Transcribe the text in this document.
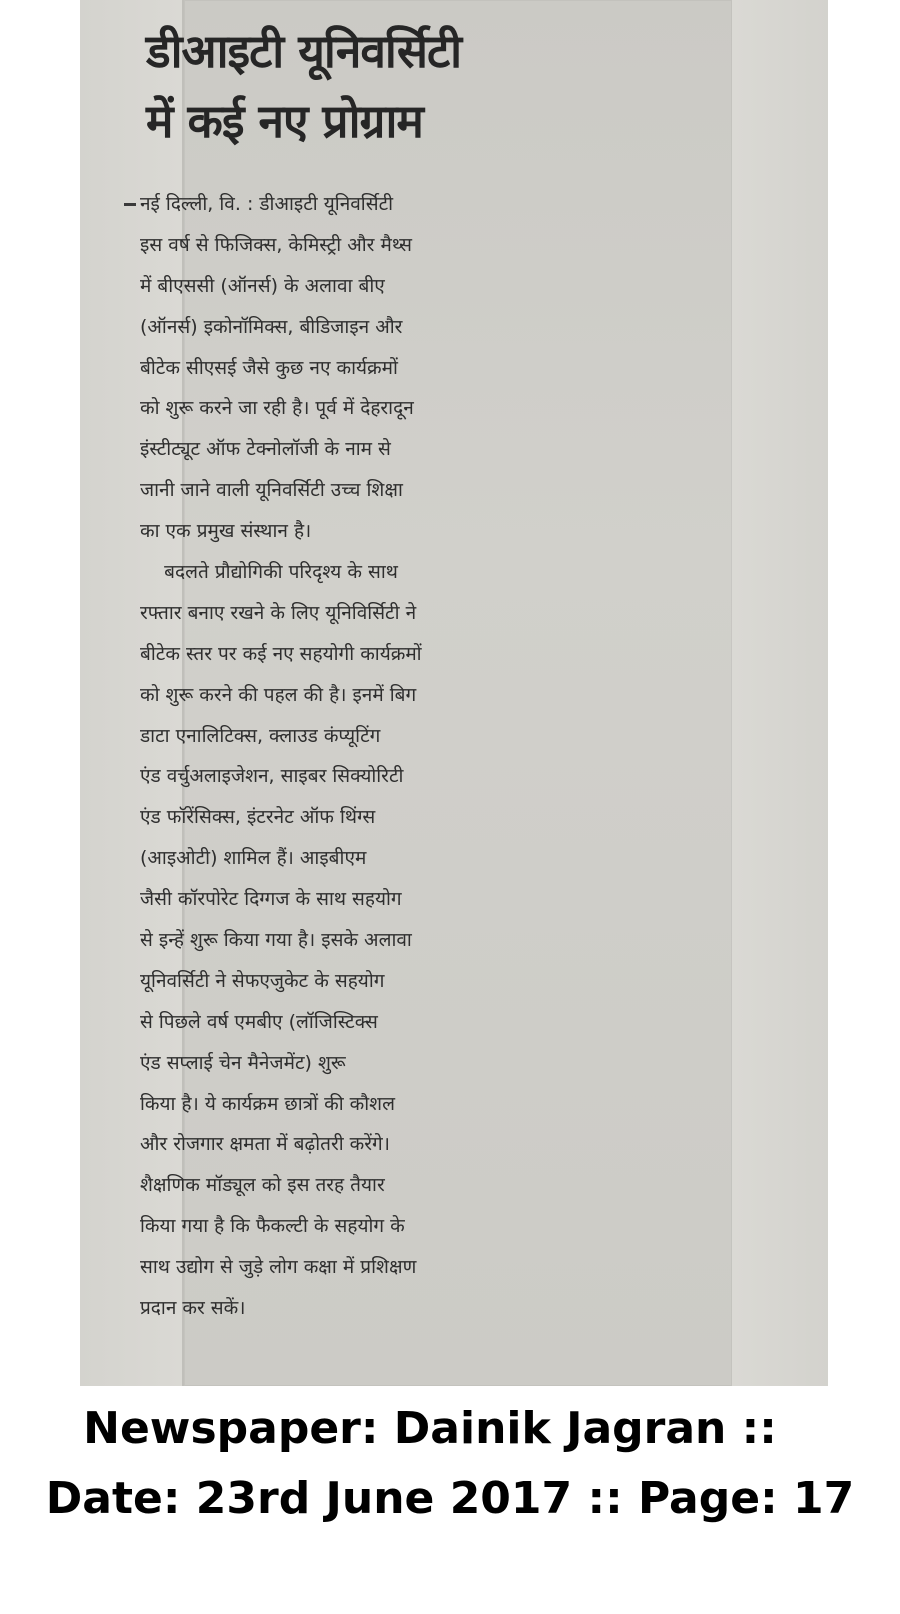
डीआइटी यूनिवर्सिटी
में कई नए प्रोग्राम
नई दिल्ली, वि. : डीआइटी यूनिवर्सिटी
इस वर्ष से फिजिक्स, केमिस्ट्री और मैथ्स
में बीएससी (ऑनर्स) के अलावा बीए
(ऑनर्स) इकोनॉमिक्स, बीडिजाइन और
बीटेक सीएसई जैसे कुछ नए कार्यक्रमों
को शुरू करने जा रही है। पूर्व में देहरादून
इंस्टीट्यूट ऑफ टेक्नोलॉजी के नाम से
जानी जाने वाली यूनिवर्सिटी उच्च शिक्षा
का एक प्रमुख संस्थान है।
बदलते प्रौद्योगिकी परिदृश्य के साथ
रफ्तार बनाए रखने के लिए यूनिविर्सिटी ने
बीटेक स्तर पर कई नए सहयोगी कार्यक्रमों
को शुरू करने की पहल की है। इनमें बिग
डाटा एनालिटिक्स, क्लाउड कंप्यूटिंग
एंड वर्चुअलाइजेशन, साइबर सिक्योरिटी
एंड फॉरेंसिक्स, इंटरनेट ऑफ थिंग्स
(आइओटी) शामिल हैं। आइबीएम
जैसी कॉरपोरेट दिग्गज के साथ सहयोग
से इन्हें शुरू किया गया है। इसके अलावा
यूनिवर्सिटी ने सेफएजुकेट के सहयोग
से पिछले वर्ष एमबीए (लॉजिस्टिक्स
एंड सप्लाई चेन मैनेजमेंट) शुरू
किया है। ये कार्यक्रम छात्रों की कौशल
और रोजगार क्षमता में बढ़ोतरी करेंगे।
शैक्षणिक मॉड्यूल को इस तरह तैयार
किया गया है कि फैकल्टी के सहयोग के
साथ उद्योग से जुड़े लोग कक्षा में प्रशिक्षण
प्रदान कर सकें।
Newspaper: Dainik Jagran ::
Date: 23rd June 2017 :: Page: 17
